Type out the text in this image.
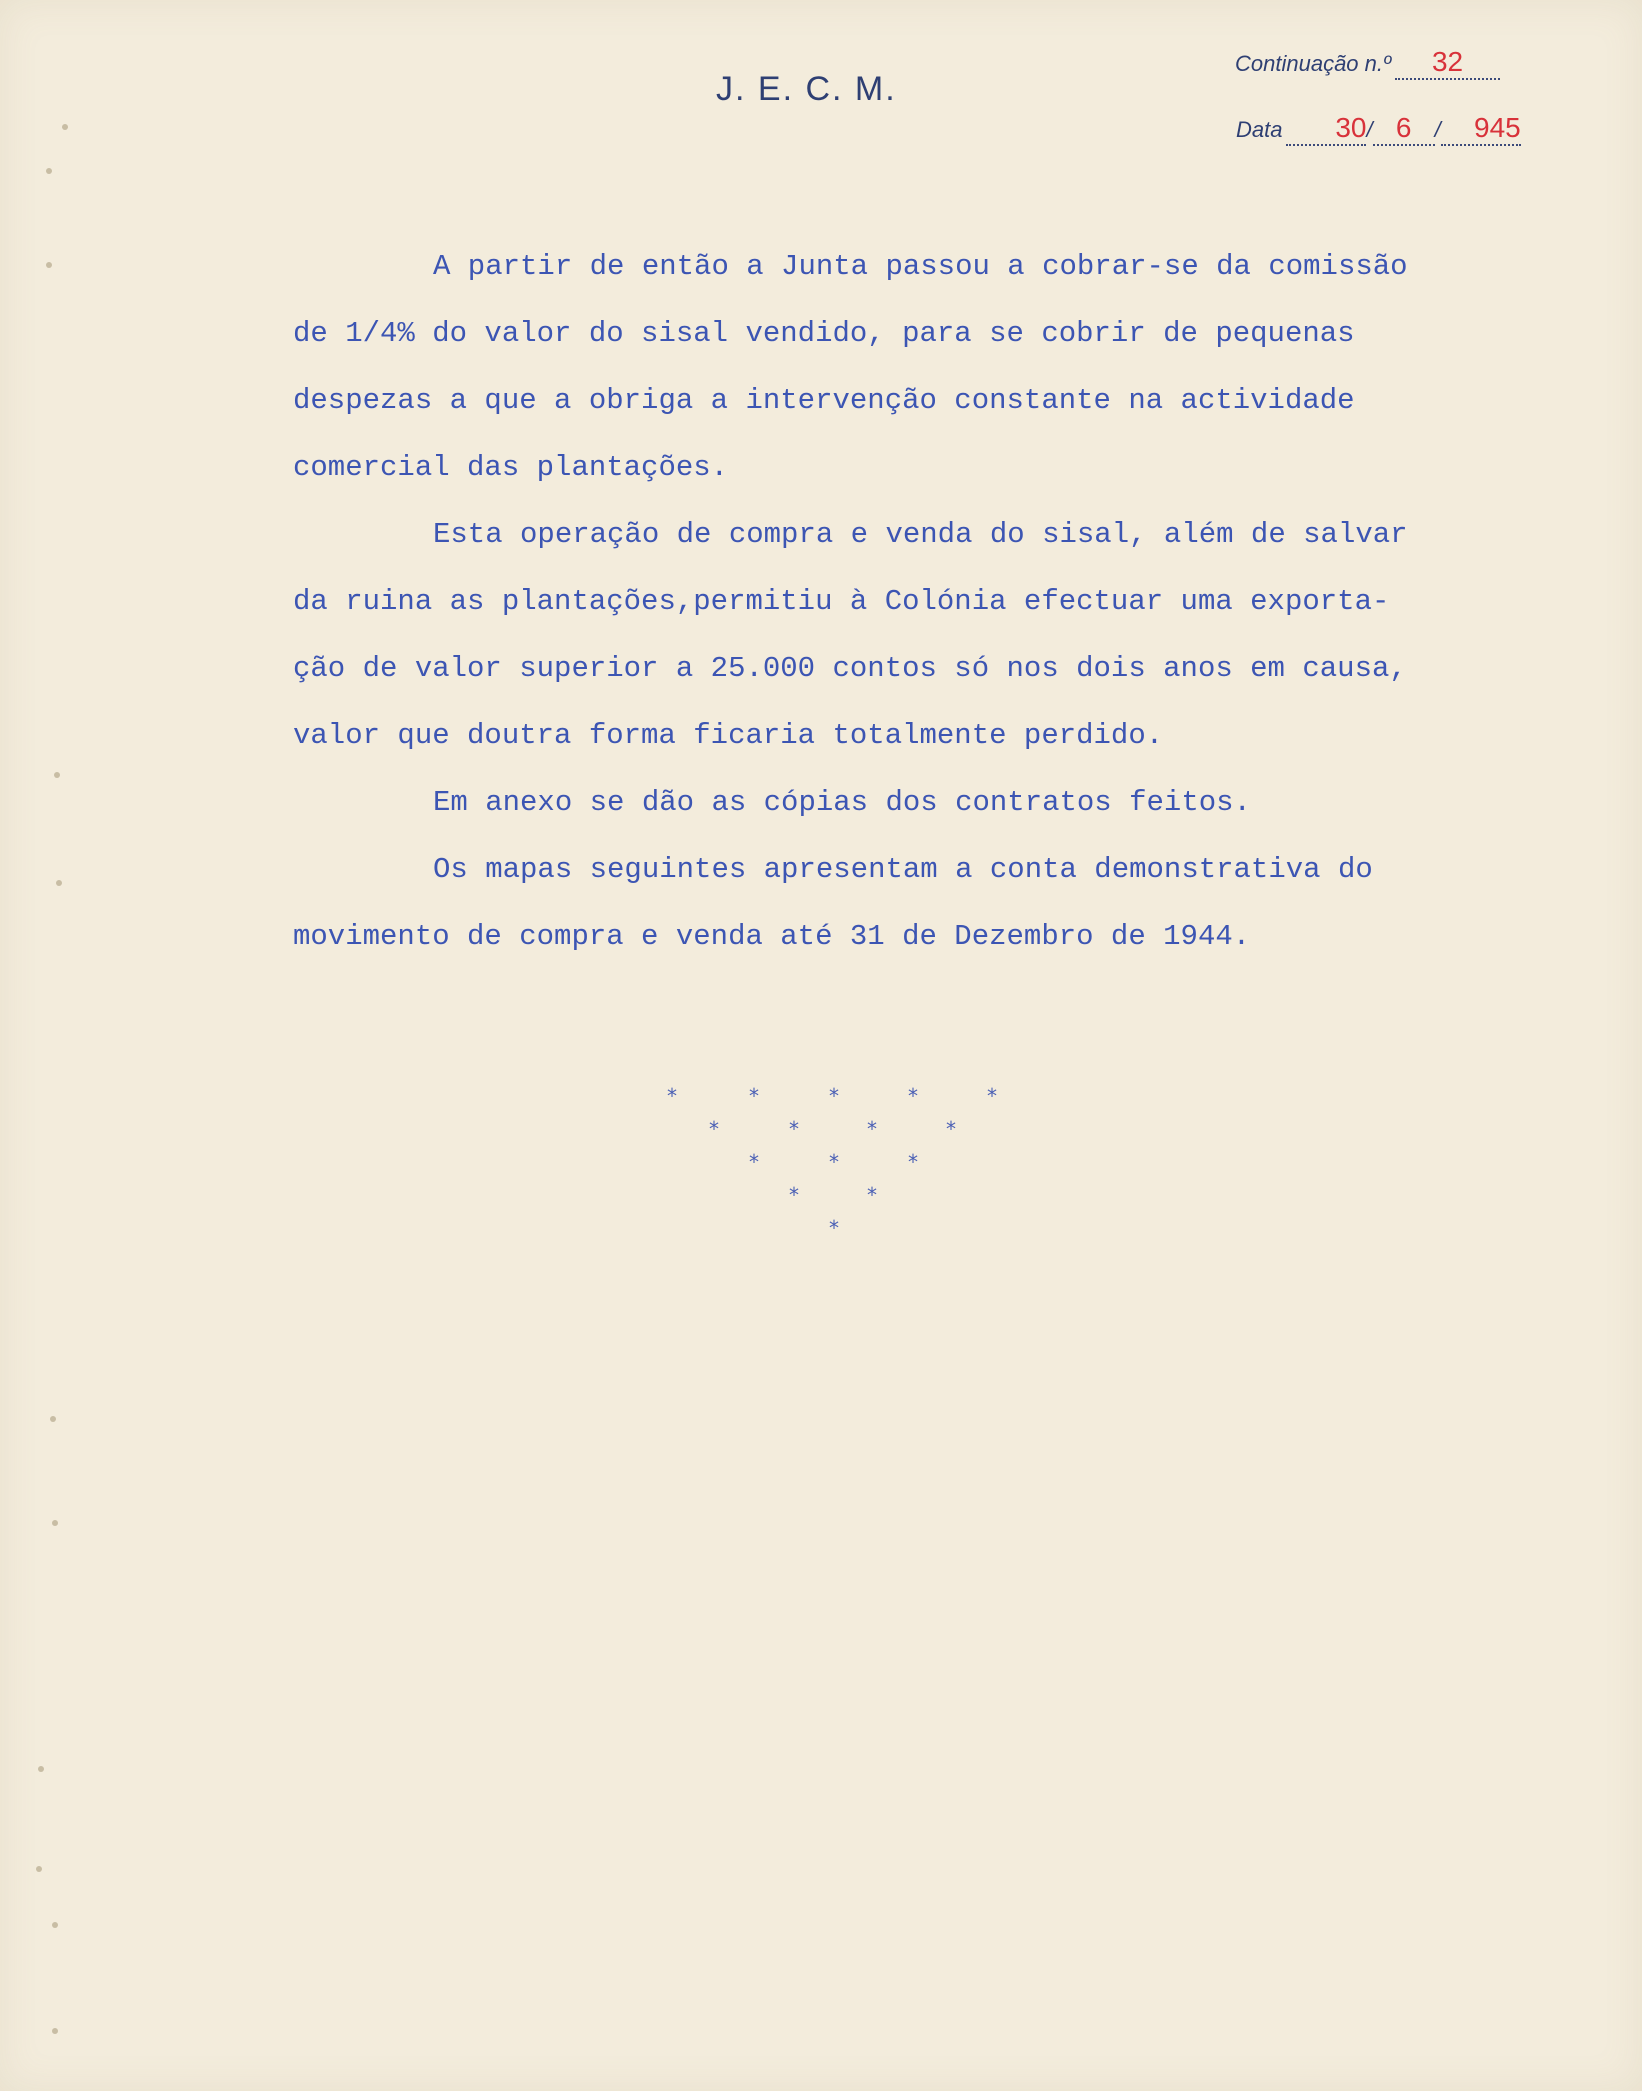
J. E. C. M.
Continuação n.º 32
Data 30/ 6 / 945

A partir de então a Junta passou a cobrar-se da comissão
de 1/4% do valor do sisal vendido, para se cobrir de pequenas
despezas a que a obriga a intervenção constante na actividade
comercial das plantações.

Esta operação de compra e venda do sisal, além de salvar
da ruina as plantações,permitiu à Colónia efectuar uma exporta-
ção de valor superior a 25.000 contos só nos dois anos em causa,
valor que doutra forma ficaria totalmente perdido.

Em anexo se dão as cópias dos contratos feitos.

Os mapas seguintes apresentam a conta demonstrativa do
movimento de compra e venda até 31 de Dezembro de 1944.

*	*	*	*	*
*	*	*	*
*	*	*
*	*
*
